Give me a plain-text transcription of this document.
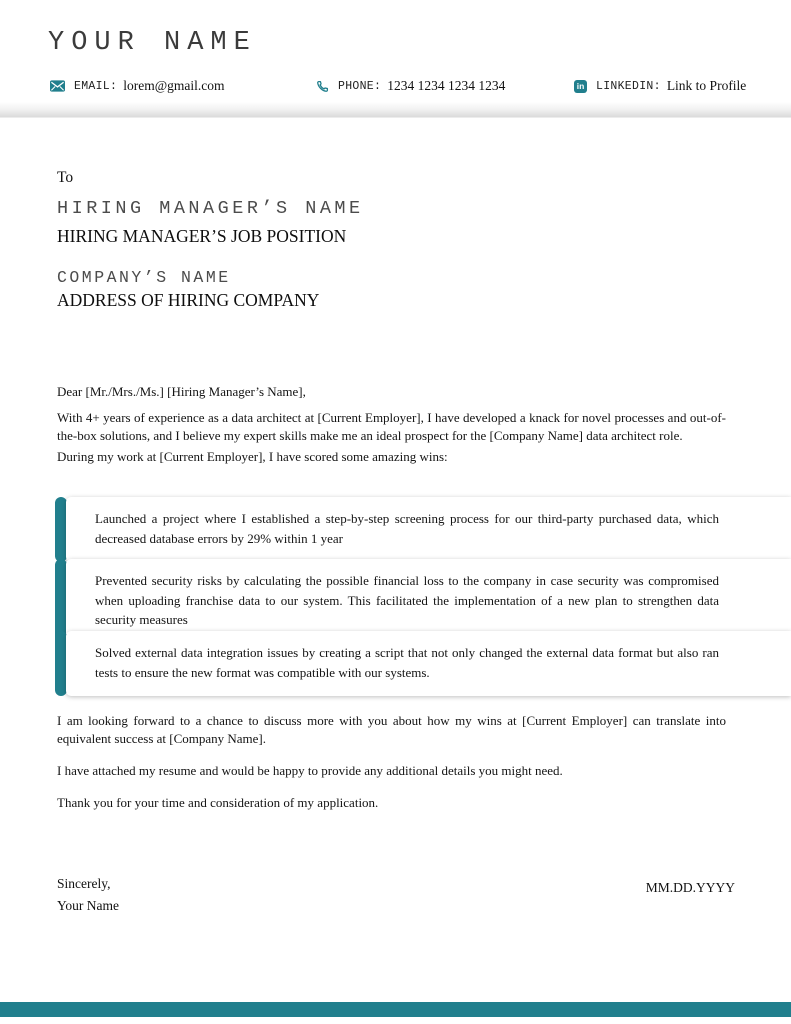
YOUR NAME
EMAIL: lorem@gmail.com	PHONE: 1234 1234 1234 1234	in LINKEDIN: Link to Profile
To
HIRING MANAGER’S NAME
HIRING MANAGER’S JOB POSITION
COMPANY’S NAME
ADDRESS OF HIRING COMPANY
Dear [Mr./Mrs./Ms.] [Hiring Manager’s Name],
With 4+ years of experience as a data architect at [Current Employer], I have developed a knack for novel processes and out-of-the-box solutions, and I believe my expert skills make me an ideal prospect for the [Company Name] data architect role.
During my work at [Current Employer], I have scored some amazing wins:
Launched a project where I established a step-by-step screening process for our third-party purchased data, which decreased database errors by 29% within 1 year
Prevented security risks by calculating the possible financial loss to the company in case security was compromised when uploading franchise data to our system. This facilitated the implementation of a new plan to strengthen data security measures
Solved external data integration issues by creating a script that not only changed the external data format but also ran tests to ensure the new format was compatible with our systems.
I am looking forward to a chance to discuss more with you about how my wins at [Current Employer] can translate into equivalent success at [Company Name].
I have attached my resume and would be happy to provide any additional details you might need.
Thank you for your time and consideration of my application.
Sincerely,
Your Name
MM.DD.YYYY
